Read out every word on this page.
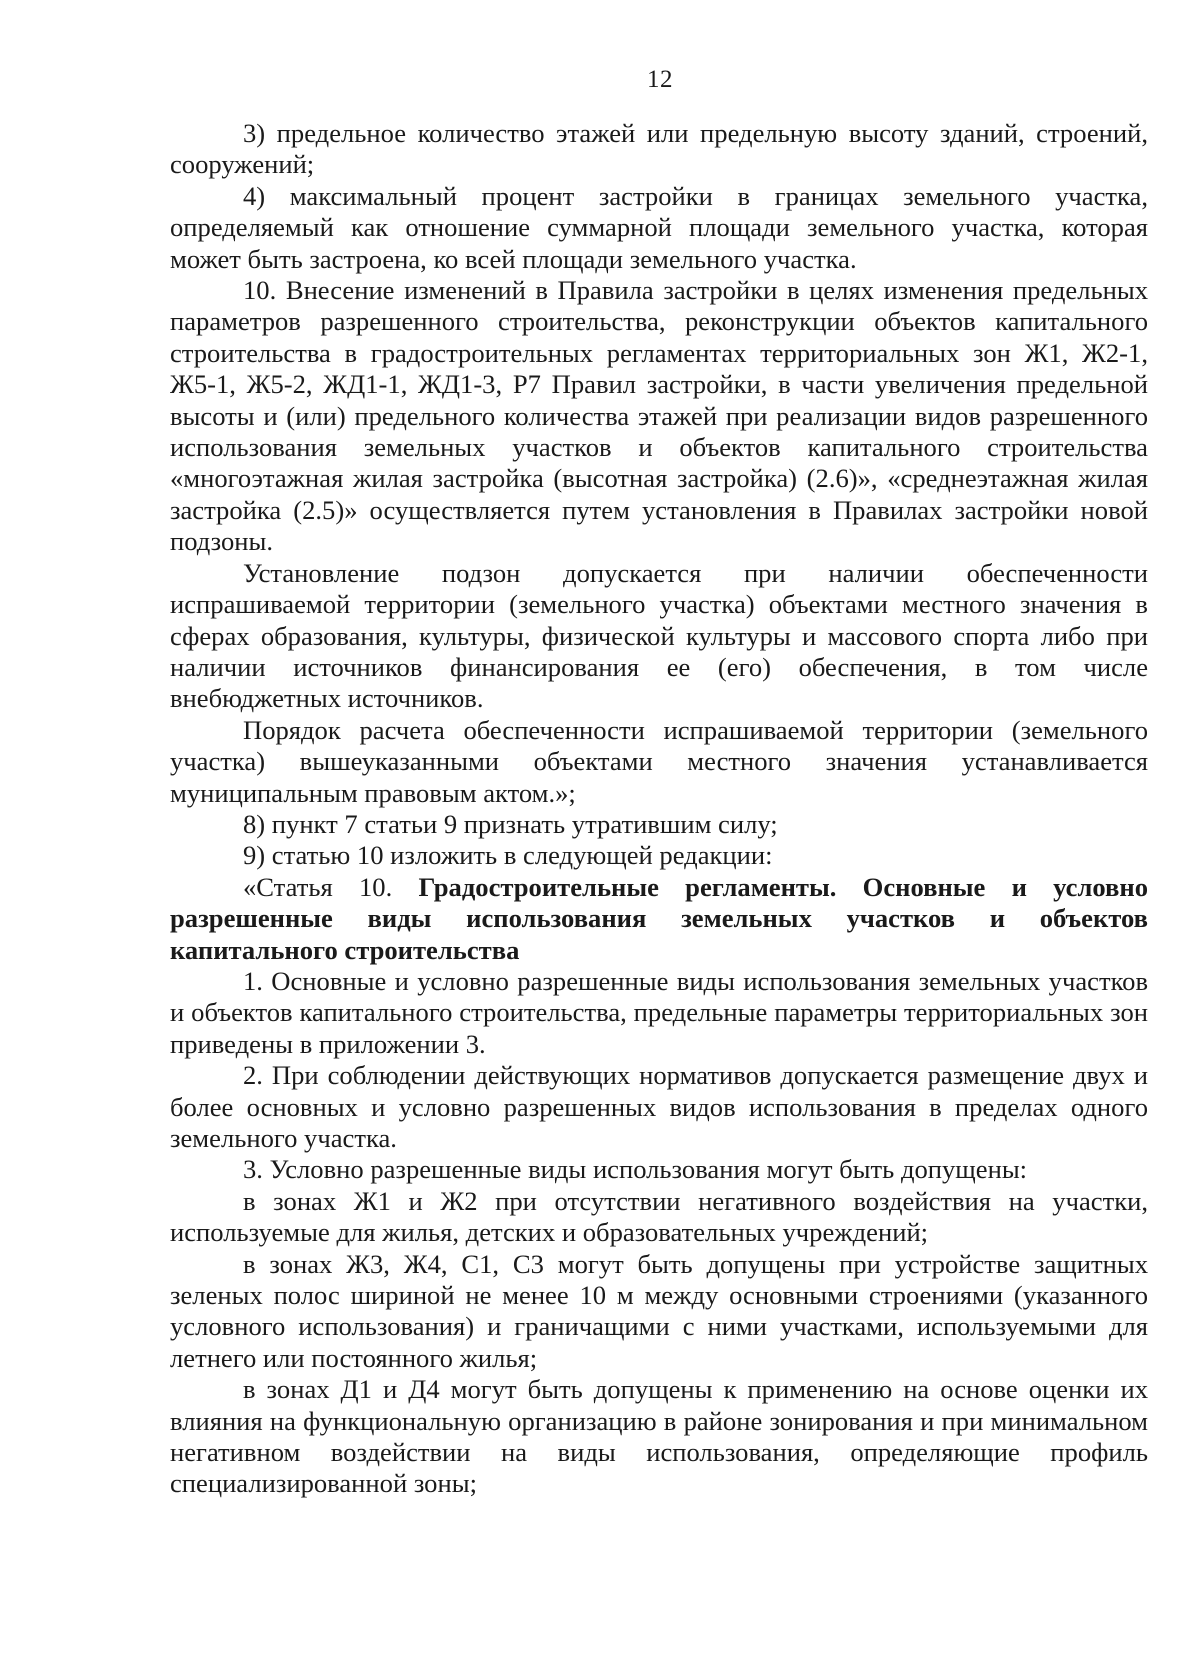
12

3) предельное количество этажей или предельную высоту зданий, строений, сооружений;

4) максимальный процент застройки в границах земельного участка, определяемый как отношение суммарной площади земельного участка, которая может быть застроена, ко всей площади земельного участка.

10. Внесение изменений в Правила застройки в целях изменения предельных параметров разрешенного строительства, реконструкции объектов капитального строительства в градостроительных регламентах территориальных зон Ж1, Ж2-1, Ж5-1, Ж5-2, ЖД1-1, ЖД1-3, Р7 Правил застройки, в части увеличения предельной высоты и (или) предельного количества этажей при реализации видов разрешенного использования земельных участков и объектов капитального строительства «многоэтажная жилая застройка (высотная застройка) (2.6)», «среднеэтажная жилая застройка (2.5)» осуществляется путем установления в Правилах застройки новой подзоны.

Установление подзон допускается при наличии обеспеченности испрашиваемой территории (земельного участка) объектами местного значения в сферах образования, культуры, физической культуры и массового спорта либо при наличии источников финансирования ее (его) обеспечения, в том числе внебюджетных источников.

Порядок расчета обеспеченности испрашиваемой территории (земельного участка) вышеуказанными объектами местного значения устанавливается муниципальным правовым актом.»;

8) пункт 7 статьи 9 признать утратившим силу;

9) статью 10 изложить в следующей редакции:

«Статья 10. Градостроительные регламенты. Основные и условно разрешенные виды использования земельных участков и объектов капитального строительства

1. Основные и условно разрешенные виды использования земельных участков и объектов капитального строительства, предельные параметры территориальных зон приведены в приложении 3.

2. При соблюдении действующих нормативов допускается размещение двух и более основных и условно разрешенных видов использования в пределах одного земельного участка.

3. Условно разрешенные виды использования могут быть допущены:

в зонах Ж1 и Ж2 при отсутствии негативного воздействия на участки, используемые для жилья, детских и образовательных учреждений;

в зонах Ж3, Ж4, С1, С3 могут быть допущены при устройстве защитных зеленых полос шириной не менее 10 м между основными строениями (указанного условного использования) и граничащими с ними участками, используемыми для летнего или постоянного жилья;

в зонах Д1 и Д4 могут быть допущены к применению на основе оценки их влияния на функциональную организацию в районе зонирования и при минимальном негативном воздействии на виды использования, определяющие профиль специализированной зоны;
